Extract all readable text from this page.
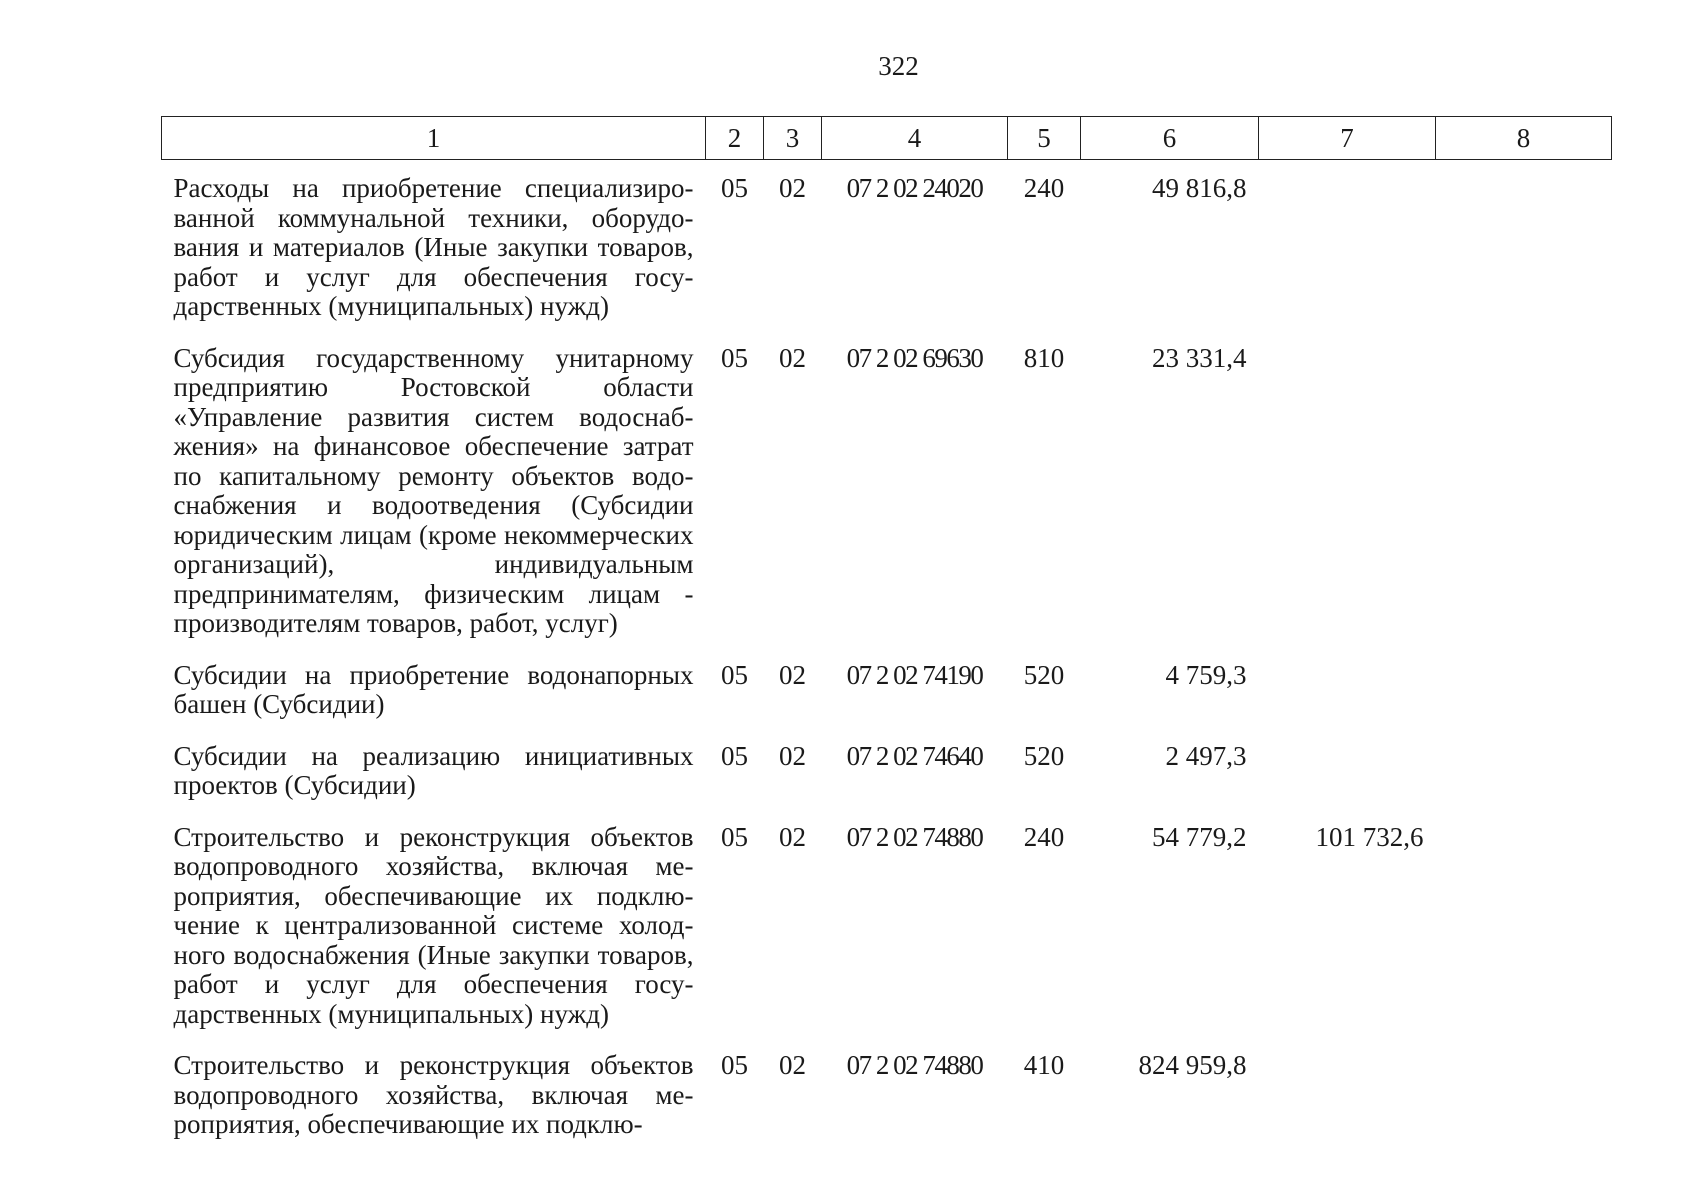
322
1	2	3	4	5	6	7	8
Расходы на приобретение специализированной коммунальной техники, оборудования и материалов (Иные закупки товаров, работ и услуг для обеспечения государственных (муниципальных) нужд)	05	02	07 2 02 24020	240	49 816,8		
Субсидия государственному унитарному предприятию Ростовской области «Управление развития систем водоснабжения» на финансовое обеспечение затрат по капитальному ремонту объектов водоснабжения и водоотведения (Субсидии юридическим лицам (кроме некоммерческих организаций), индивидуальным предпринимателям, физическим лицам - производителям товаров, работ, услуг)	05	02	07 2 02 69630	810	23 331,4		
Субсидии на приобретение водонапорных башен (Субсидии)	05	02	07 2 02 74190	520	4 759,3		
Субсидии на реализацию инициативных проектов (Субсидии)	05	02	07 2 02 74640	520	2 497,3		
Строительство и реконструкция объектов водопроводного хозяйства, включая мероприятия, обеспечивающие их подключение к централизованной системе холодного водоснабжения (Иные закупки товаров, работ и услуг для обеспечения государственных (муниципальных) нужд)	05	02	07 2 02 74880	240	54 779,2	101 732,6	
Строительство и реконструкция объектов водопроводного хозяйства, включая мероприятия, обеспечивающие их подклю-	05	02	07 2 02 74880	410	824 959,8		
